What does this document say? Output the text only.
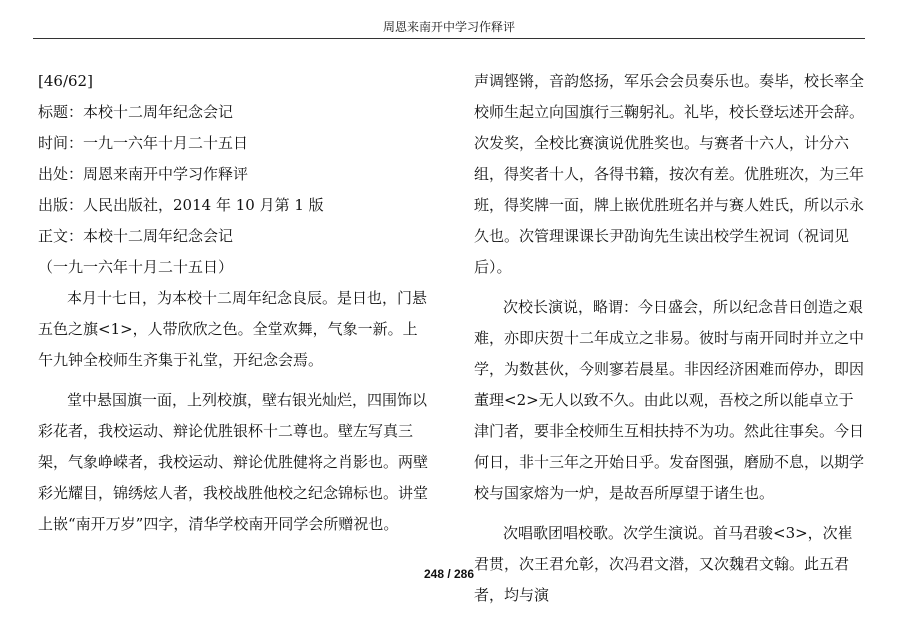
周恩来南开中学习作释评

[46/62]

标题：本校十二周年纪念会记

时间：一九一六年十月二十五日

出处：周恩来南开中学习作释评

出版：人民出版社，2014 年 10 月第 1 版

正文：本校十二周年纪念会记

（一九一六年十月二十五日）

本月十七日，为本校十二周年纪念良辰。是日也，门悬五色之旗<1>，人带欣欣之色。全堂欢舞，气象一新。上午九钟全校师生齐集于礼堂，开纪念会焉。

堂中悬国旗一面，上列校旗，壁右银光灿烂，四围饰以彩花者，我校运动、辩论优胜银杯十二尊也。壁左写真三架，气象峥嵘者，我校运动、辩论优胜健将之肖影也。两壁彩光耀目，锦绣炫人者，我校战胜他校之纪念锦标也。讲堂上嵌“南开万岁”四字，清华学校南开同学会所赠祝也。

声调铿锵，音韵悠扬，军乐会会员奏乐也。奏毕，校长率全校师生起立向国旗行三鞠躬礼。礼毕，校长登坛述开会辞。次发奖，全校比赛演说优胜奖也。与赛者十六人，计分六组，得奖者十人，各得书籍，按次有差。优胜班次，为三年班，得奖牌一面，牌上嵌优胜班名并与赛人姓氏，所以示永久也。次管理课课长尹劭询先生读出校学生祝词（祝词见后）。

次校长演说，略谓：今日盛会，所以纪念昔日创造之艰难，亦即庆贺十二年成立之非易。彼时与南开同时并立之中学，为数甚伙，今则寥若晨星。非因经济困难而停办，即因董理<2>无人以致不久。由此以观，吾校之所以能卓立于津门者，要非全校师生互相扶持不为功。然此往事矣。今日何日，非十三年之开始日乎。发奋图强，磨励不息，以期学校与国家熔为一炉，是故吾所厚望于诸生也。

次唱歌团唱校歌。次学生演说。首马君骏<3>，次崔君贯，次王君允彰，次冯君文潜，又次魏君文翰。此五君者，均与演

248 / 286
